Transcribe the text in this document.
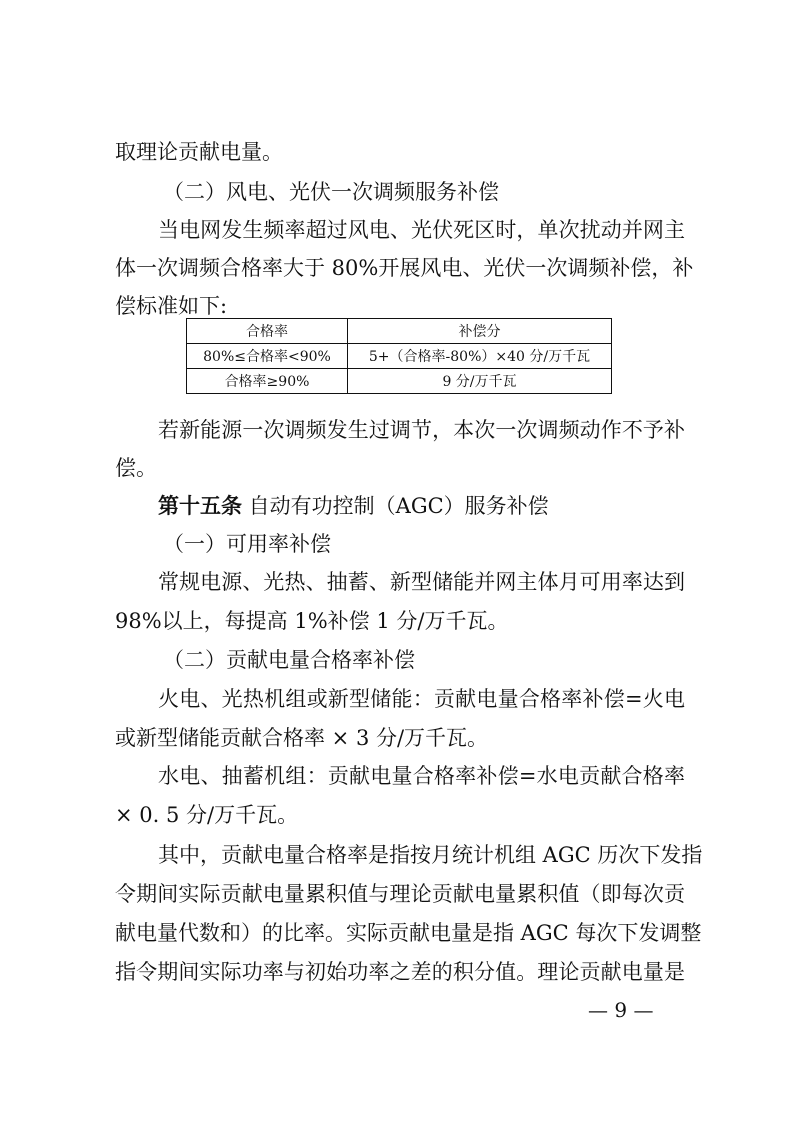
取理论贡献电量。
（二）风电、光伏一次调频服务补偿
当电网发生频率超过风电、光伏死区时，单次扰动并网主
体一次调频合格率大于 80%开展风电、光伏一次调频补偿，补
偿标准如下:
合格率	补偿分
80%≤合格率<90%	5+（合格率-80%）×40 分/万千瓦
合格率≥90%	9 分/万千瓦
若新能源一次调频发生过调节，本次一次调频动作不予补
偿。
第十五条 自动有功控制（AGC）服务补偿
（一）可用率补偿
常规电源、光热、抽蓄、新型储能并网主体月可用率达到
98%以上，每提高 1%补偿 1 分/万千瓦。
（二）贡献电量合格率补偿
火电、光热机组或新型储能：贡献电量合格率补偿=火电
或新型储能贡献合格率 × 3 分/万千瓦。
水电、抽蓄机组：贡献电量合格率补偿=水电贡献合格率
× 0. 5 分/万千瓦。
其中，贡献电量合格率是指按月统计机组 AGC 历次下发指
令期间实际贡献电量累积值与理论贡献电量累积值（即每次贡
献电量代数和）的比率。实际贡献电量是指 AGC 每次下发调整
指令期间实际功率与初始功率之差的积分值。理论贡献电量是
— 9 —
